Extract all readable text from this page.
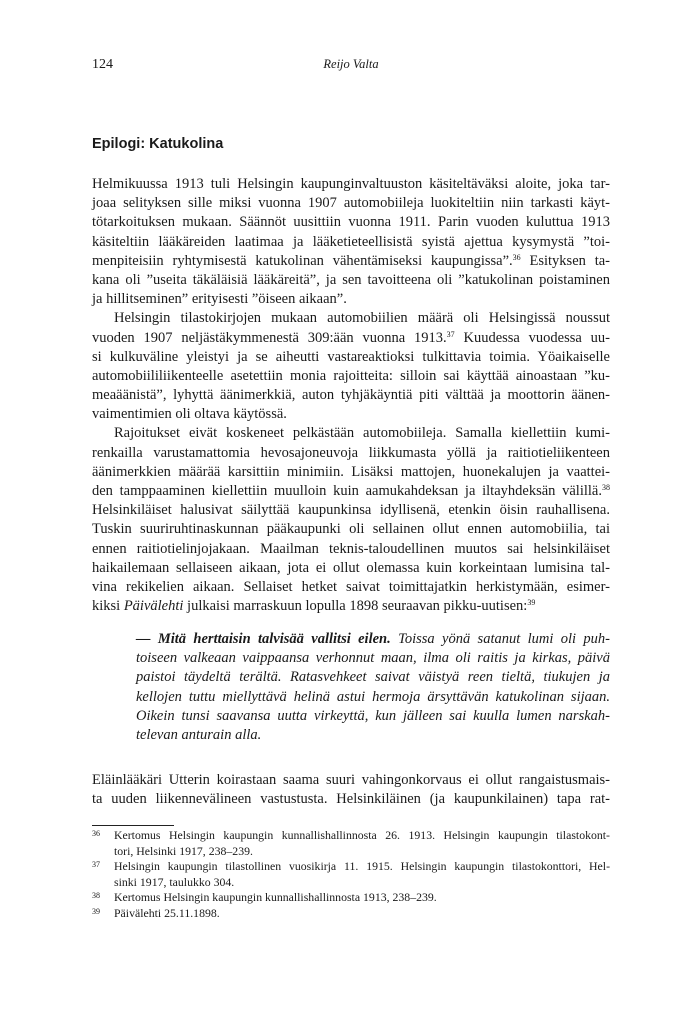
124	Reijo Valta
Epilogi: Katukolina
Helmikuussa 1913 tuli Helsingin kaupunginvaltuuston käsiteltäväksi aloite, joka tar-
joaa selityksen sille miksi vuonna 1907 automobiileja luokiteltiin niin tarkasti käyt-
tötarkoituksen mukaan. Säännöt uusittiin vuonna 1911. Parin vuoden kuluttua 1913
käsiteltiin lääkäreiden laatimaa ja lääketieteellisistä syistä ajettua kysymystä ”toi-
menpiteisiin ryhtymisestä katukolinan vähentämiseksi kaupungissa”.$^{36}$ Esityksen ta-
kana oli ”useita täkäläisiä lääkäreitä”, ja sen tavoitteena oli ”katukolinan poistaminen
ja hillitseminen” erityisesti ”öiseen aikaan”.
Helsingin tilastokirjojen mukaan automobiilien määrä oli Helsingissä noussut
vuoden 1907 neljästäkymmenestä 309:ään vuonna 1913.37 Kuudessa vuodessa uu-
si kulkuväline yleistyi ja se aiheutti vastareaktioksi tulkittavia toimia. Yöaikaiselle
automobiililiikenteelle asetettiin monia rajoitteita: silloin sai käyttää ainoastaan ”ku-
meaäänistä”, lyhyttä äänimerkkiä, auton tyhjäkäyntiä piti välttää ja moottorin äänen-
vaimentimien oli oltava käytössä.
Rajoitukset eivät koskeneet pelkästään automobiileja. Samalla kiellettiin kumi-
renkailla varustamattomia hevosajoneuvoja liikkumasta yöllä ja raitiotieliikenteen
äänimerkkien määrää karsittiin minimiin. Lisäksi mattojen, huonekalujen ja vaattei-
den tamppaaminen kiellettiin muulloin kuin aamukahdeksan ja iltayhdeksän välillä.$^{38}$
Helsinkiläiset halusivat säilyttää kaupunkinsa idyllisenä, etenkin öisin rauhallisena.
Tuskin suuriruhtinaskunnan pääkaupunki oli sellainen ollut ennen automobiilia, tai
ennen raitiotielinjojakaan. Maailman teknis-taloudellinen muutos sai helsinkiläiset
haikailemaan sellaiseen aikaan, jota ei ollut olemassa kuin korkeintaan lumisina tal-
vina rekikelien aikaan. Sellaiset hetket saivat toimittajatkin herkistymään, esimer-
kiksi Päivälehti julkaisi marraskuun lopulla 1898 seuraavan pikku-uutisen:$^{39}$
— Mitä herttaisin talvisää vallitsi eilen. Toissa yönä satanut lumi oli puh-
toiseen valkeaan vaippaansa verhonnut maan, ilma oli raitis ja kirkas, päivä
paistoi täydeltä terältä. Ratasvehkeet saivat väistyä reen tieltä, tiukujen ja
kellojen tuttu miellyttävä helinä astui hermoja ärsyttävän katukolinan sijaan.
Oikein tunsi saavansa uutta virkeyttä, kun jälleen sai kuulla lumen narskah-
televan anturain alla.
Eläinlääkäri Utterin koirastaan saama suuri vahingonkorvaus ei ollut rangaistusmais-
ta uuden liikennevälineen vastustusta. Helsinkiläinen (ja kaupunkilainen) tapa rat-
36 Kertomus Helsingin kaupungin kunnallishallinnosta 26. 1913. Helsingin kaupungin tilastokont-
tori, Helsinki 1917, 238–239.
37 Helsingin kaupungin tilastollinen vuosikirja 11. 1915. Helsingin kaupungin tilastokonttori, Hel-
sinki 1917, taulukko 304.
38 Kertomus Helsingin kaupungin kunnallishallinnosta 1913, 238–239.
39 Päivälehti 25.11.1898.
